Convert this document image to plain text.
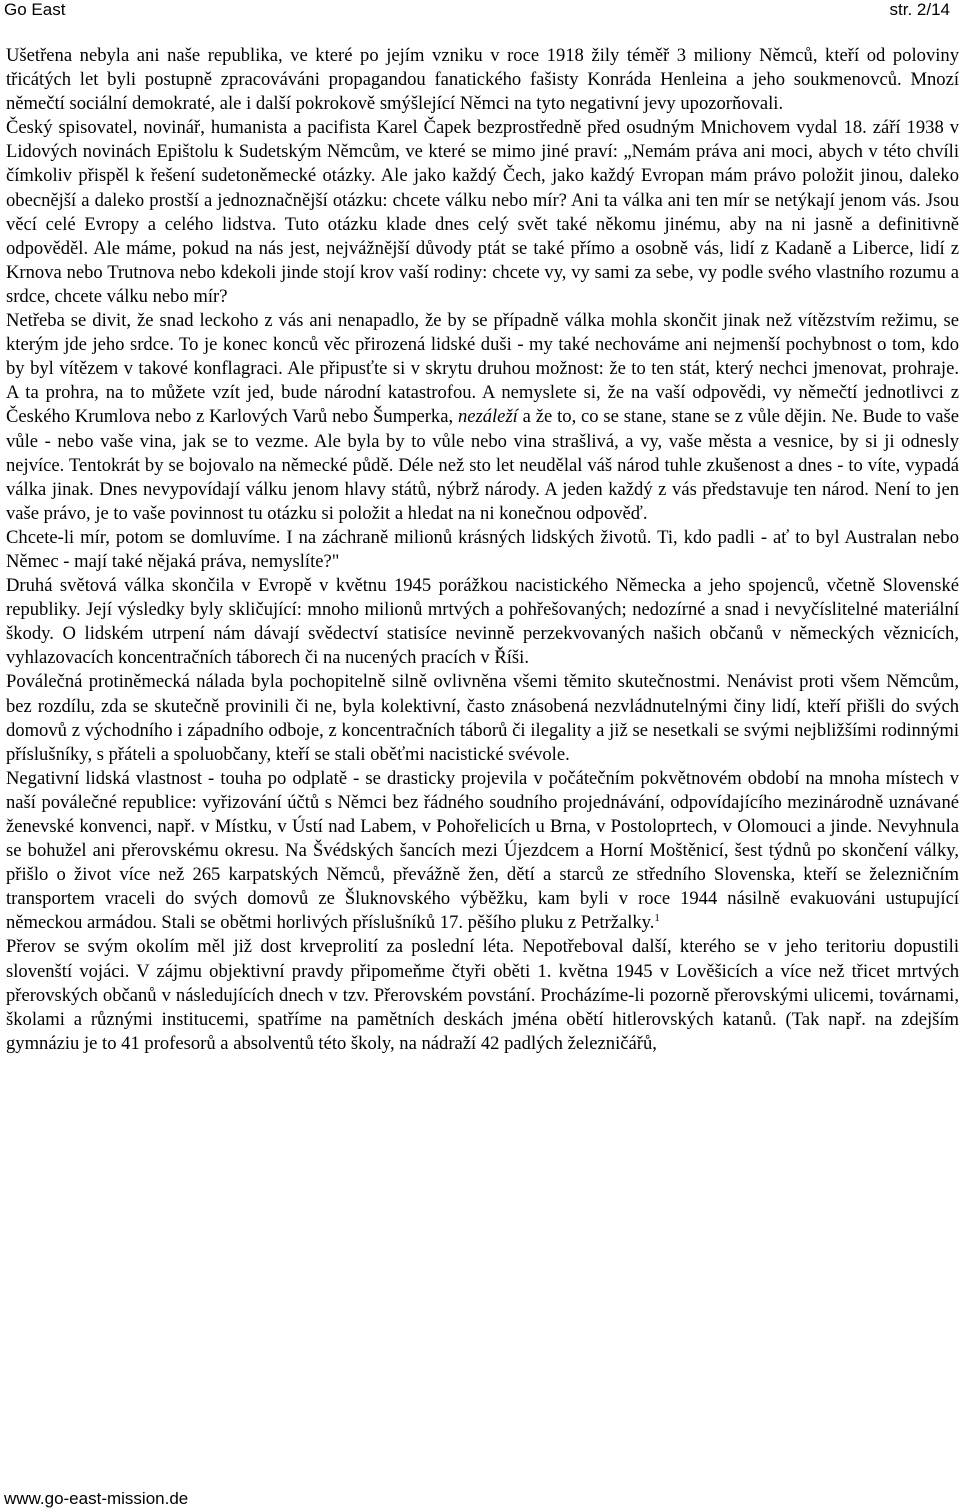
Go East	str. 2/14

Ušetřena nebyla ani naše republika, ve které po jejím vzniku v roce 1918 žily téměř 3 miliony Němců, kteří od poloviny třicátých let byli postupně zpracováváni propagandou fanatického fašisty Konráda Henleina a jeho soukmenovců. Mnozí němečtí sociální demokraté, ale i další pokrokově smýšlející Němci na tyto negativní jevy upozorňovali.

Český spisovatel, novinář, humanista a pacifista Karel Čapek bezprostředně před osudným Mnichovem vydal 18. září 1938 v Lidových novinách Epištolu k Sudetským Němcům, ve které se mimo jiné praví: „Nemám práva ani moci, abych v této chvíli čímkoliv přispěl k řešení sudetoněmecké otázky. Ale jako každý Čech, jako každý Evropan mám právo položit jinou, daleko obecnější a daleko prostší a jednoznačnější otázku: chcete válku nebo mír? Ani ta válka ani ten mír se netýkají jenom vás. Jsou věcí celé Evropy a celého lidstva. Tuto otázku klade dnes celý svět také někomu jinému, aby na ni jasně a definitivně odpověděl. Ale máme, pokud na nás jest, nejvážnější důvody ptát se také přímo a osobně vás, lidí z Kadaně a Liberce, lidí z Krnova nebo Trutnova nebo kdekoli jinde stojí krov vaší rodiny: chcete vy, vy sami za sebe, vy podle svého vlastního rozumu a srdce, chcete válku nebo mír?

Netřeba se divit, že snad leckoho z vás ani nenapadlo, že by se případně válka mohla skončit jinak než vítězstvím režimu, se kterým jde jeho srdce. To je konec konců věc přirozená lidské duši - my také nechováme ani nejmenší pochybnost o tom, kdo by byl vítězem v takové konflagraci. Ale připusťte si v skrytu druhou možnost: že to ten stát, který nechci jmenovat, prohraje. A ta prohra, na to můžete vzít jed, bude národní katastrofou. A nemyslete si, že na vaší odpovědi, vy němečtí jednotlivci z Českého Krumlova nebo z Karlových Varů nebo Šumperka, nezáleží a že to, co se stane, stane se z vůle dějin. Ne. Bude to vaše vůle - nebo vaše vina, jak se to vezme. Ale byla by to vůle nebo vina strašlivá, a vy, vaše města a vesnice, by si ji odnesly nejvíce. Tentokrát by se bojovalo na německé půdě. Déle než sto let neudělal váš národ tuhle zkušenost a dnes - to víte, vypadá válka jinak. Dnes nevypovídají válku jenom hlavy států, nýbrž národy. A jeden každý z vás představuje ten národ. Není to jen vaše právo, je to vaše povinnost tu otázku si položit a hledat na ni konečnou odpověď.

Chcete-li mír, potom se domluvíme. I na záchraně milionů krásných lidských životů. Ti, kdo padli - ať to byl Australan nebo Němec - mají také nějaká práva, nemyslíte?"

Druhá světová válka skončila v Evropě v květnu 1945 porážkou nacistického Německa a jeho spojenců, včetně Slovenské republiky. Její výsledky byly skličující: mnoho milionů mrtvých a pohřešovaných; nedozírné a snad i nevyčíslitelné materiální škody. O lidském utrpení nám dávají svědectví statisíce nevinně perzekvovaných našich občanů v německých věznicích, vyhlazovacích koncentračních táborech či na nucených pracích v Říši.

Poválečná protiněmecká nálada byla pochopitelně silně ovlivněna všemi těmito skutečnostmi. Nenávist proti všem Němcům, bez rozdílu, zda se skutečně provinili či ne, byla kolektivní, často znásobená nezvládnutelnými činy lidí, kteří přišli do svých domovů z východního i západního odboje, z koncentračních táborů či ilegality a již se nesetkali se svými nejbližšími rodinnými příslušníky, s přáteli a spoluobčany, kteří se stali oběťmi nacistické svévole.

Negativní lidská vlastnost - touha po odplatě - se drasticky projevila v počátečním pokvětnovém období na mnoha místech v naší poválečné republice: vyřizování účtů s Němci bez řádného soudního projednávání, odpovídajícího mezinárodně uznávané ženevské konvenci, např. v Místku, v Ústí nad Labem, v Pohořelicích u Brna, v Postoloprtech, v Olomouci a jinde. Nevyhnula se bohužel ani přerovskému okresu. Na Švédských šancích mezi Újezdcem a Horní Moštěnicí, šest týdnů po skončení války, přišlo o život více než 265 karpatských Němců, převážně žen, dětí a starců ze středního Slovenska, kteří se železničním transportem vraceli do svých domovů ze Šluknovského výběžku, kam byli v roce 1944 násilně evakuováni ustupující německou armádou. Stali se obětmi horlivých příslušníků 17. pěšího pluku z Petržalky.$^1$

Přerov se svým okolím měl již dost krveprolití za poslední léta. Nepotřeboval další, kterého se v jeho teritoriu dopustili slovenští vojáci. V zájmu objektivní pravdy připomeňme čtyři oběti 1. května 1945 v Lověšicích a více než třicet mrtvých přerovských občanů v následujících dnech v tzv. Přerovském povstání. Procházíme-li pozorně přerovskými ulicemi, továrnami, školami a různými institucemi, spatříme na pamětních deskách jména obětí hitlerovských katanů. (Tak např. na zdejším gymnáziu je to 41 profesorů a absolventů této školy, na nádraží 42 padlých železničářů,

www.go-east-mission.de
